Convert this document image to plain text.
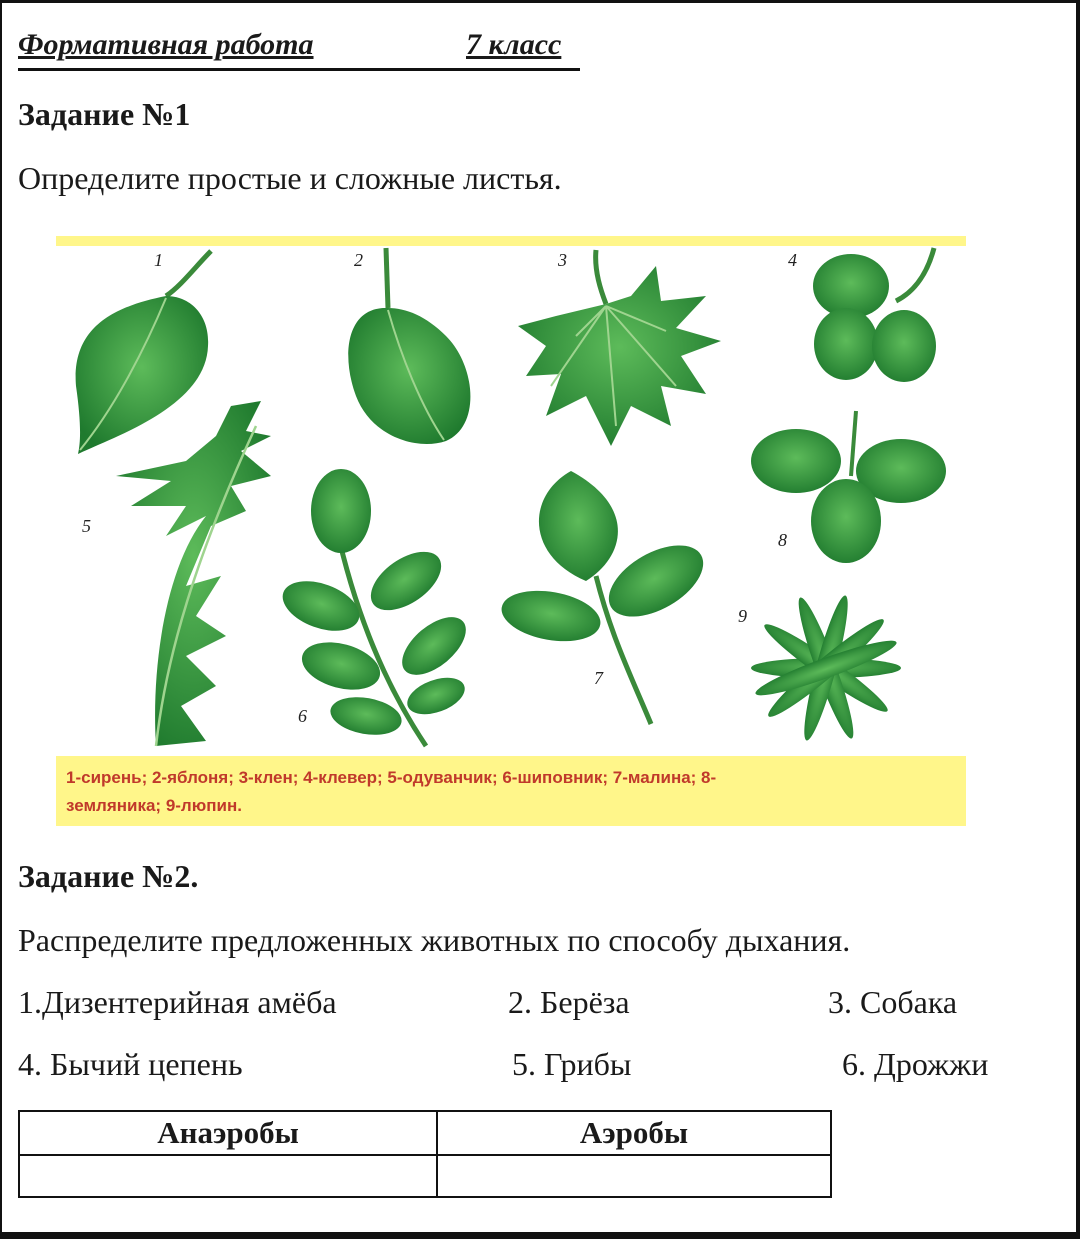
Формативная работа	7 класс
Задание №1
Определите простые и сложные листья.
1	2	3	4
5
6
7
8
9
1-сирень; 2-яблоня; 3-клен; 4-клевер; 5-одуванчик; 6-шиповник; 7-малина; 8-
земляника; 9-люпин.
Задание №2.
Распределите предложенных животных по способу дыхания.
1.Дизентерийная амёба	2. Берёза	3. Собака
4. Бычий цепень	5. Грибы	6. Дрожжи
Анаэробы	Аэробы
